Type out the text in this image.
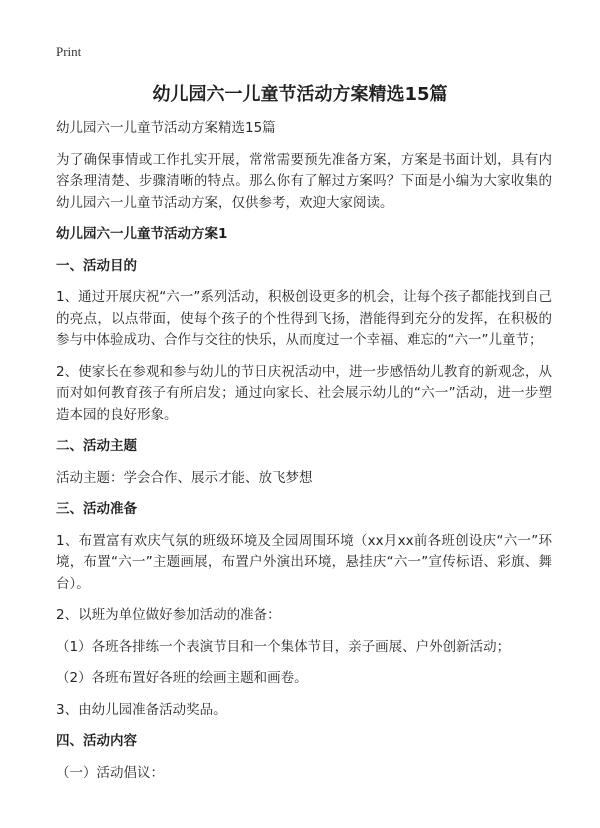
Print
幼儿园六一儿童节活动方案精选15篇

幼儿园六一儿童节活动方案精选15篇

为了确保事情或工作扎实开展，常常需要预先准备方案，方案是书面计划，具有内容条理清楚、步骤清晰的特点。那么你有了解过方案吗？下面是小编为大家收集的幼儿园六一儿童节活动方案，仅供参考，欢迎大家阅读。

幼儿园六一儿童节活动方案1
一、活动目的

1、通过开展庆祝“六一”系列活动，积极创设更多的机会，让每个孩子都能找到自己的亮点，以点带面，使每个孩子的个性得到飞扬，潜能得到充分的发挥，在积极的参与中体验成功、合作与交往的快乐，从而度过一个幸福、难忘的“六一”儿童节；

2、使家长在参观和参与幼儿的节日庆祝活动中，进一步感悟幼儿教育的新观念，从而对如何教育孩子有所启发；通过向家长、社会展示幼儿的“六一”活动，进一步塑造本园的良好形象。

二、活动主题

活动主题：学会合作、展示才能、放飞梦想

三、活动准备

1、布置富有欢庆气氛的班级环境及全园周围环境（xx月xx前各班创设庆“六一”环境，布置“六一”主题画展，布置户外演出环境，悬挂庆“六一”宣传标语、彩旗、舞台）。

2、以班为单位做好参加活动的准备：

（1）各班各排练一个表演节目和一个集体节目，亲子画展、户外创新活动；

（2）各班布置好各班的绘画主题和画卷。

3、由幼儿园准备活动奖品。

四、活动内容

（一）活动倡议：
